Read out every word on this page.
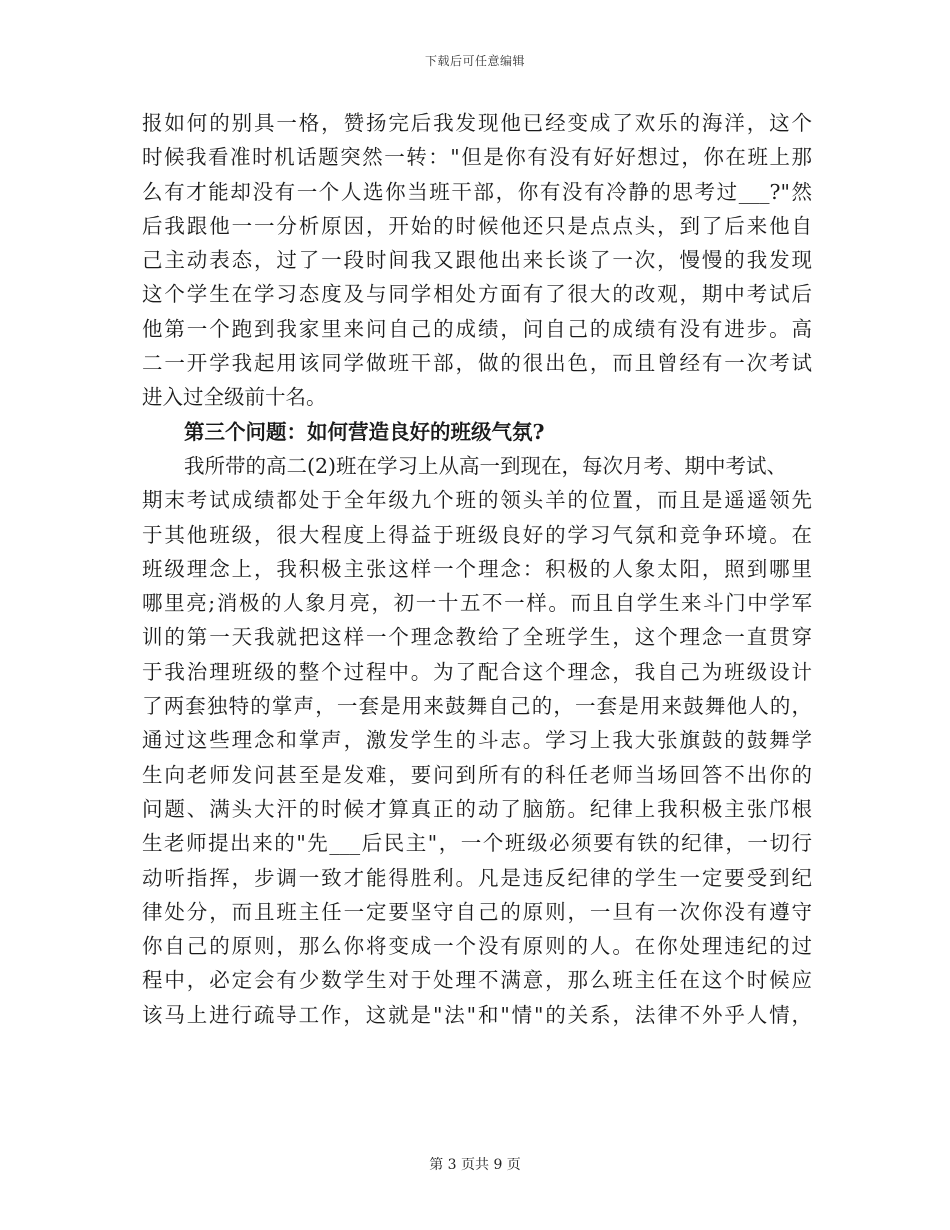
下载后可任意编辑
报如何的别具一格，赞扬完后我发现他已经变成了欢乐的海洋，这个
时候我看准时机话题突然一转："但是你有没有好好想过，你在班上那
么有才能却没有一个人选你当班干部，你有没有冷静的思考过___?"然
后我跟他一一分析原因，开始的时候他还只是点点头，到了后来他自
己主动表态，过了一段时间我又跟他出来长谈了一次，慢慢的我发现
这个学生在学习态度及与同学相处方面有了很大的改观，期中考试后
他第一个跑到我家里来问自己的成绩，问自己的成绩有没有进步。高
二一开学我起用该同学做班干部，做的很出色，而且曾经有一次考试
进入过全级前十名。
第三个问题：如何营造良好的班级气氛?
我所带的高二(2)班在学习上从高一到现在，每次月考、期中考试、
期末考试成绩都处于全年级九个班的领头羊的位置，而且是遥遥领先
于其他班级，很大程度上得益于班级良好的学习气氛和竞争环境。在
班级理念上，我积极主张这样一个理念：积极的人象太阳，照到哪里
哪里亮;消极的人象月亮，初一十五不一样。而且自学生来斗门中学军
训的第一天我就把这样一个理念教给了全班学生，这个理念一直贯穿
于我治理班级的整个过程中。为了配合这个理念，我自己为班级设计
了两套独特的掌声，一套是用来鼓舞自己的，一套是用来鼓舞他人的，
通过这些理念和掌声，激发学生的斗志。学习上我大张旗鼓的鼓舞学
生向老师发问甚至是发难，要问到所有的科任老师当场回答不出你的
问题、满头大汗的时候才算真正的动了脑筋。纪律上我积极主张邝根
生老师提出来的"先___后民主"，一个班级必须要有铁的纪律，一切行
动听指挥，步调一致才能得胜利。凡是违反纪律的学生一定要受到纪
律处分，而且班主任一定要坚守自己的原则，一旦有一次你没有遵守
你自己的原则，那么你将变成一个没有原则的人。在你处理违纪的过
程中，必定会有少数学生对于处理不满意，那么班主任在这个时候应
该马上进行疏导工作，这就是"法"和"情"的关系，法律不外乎人情，
第 3 页共 9 页
